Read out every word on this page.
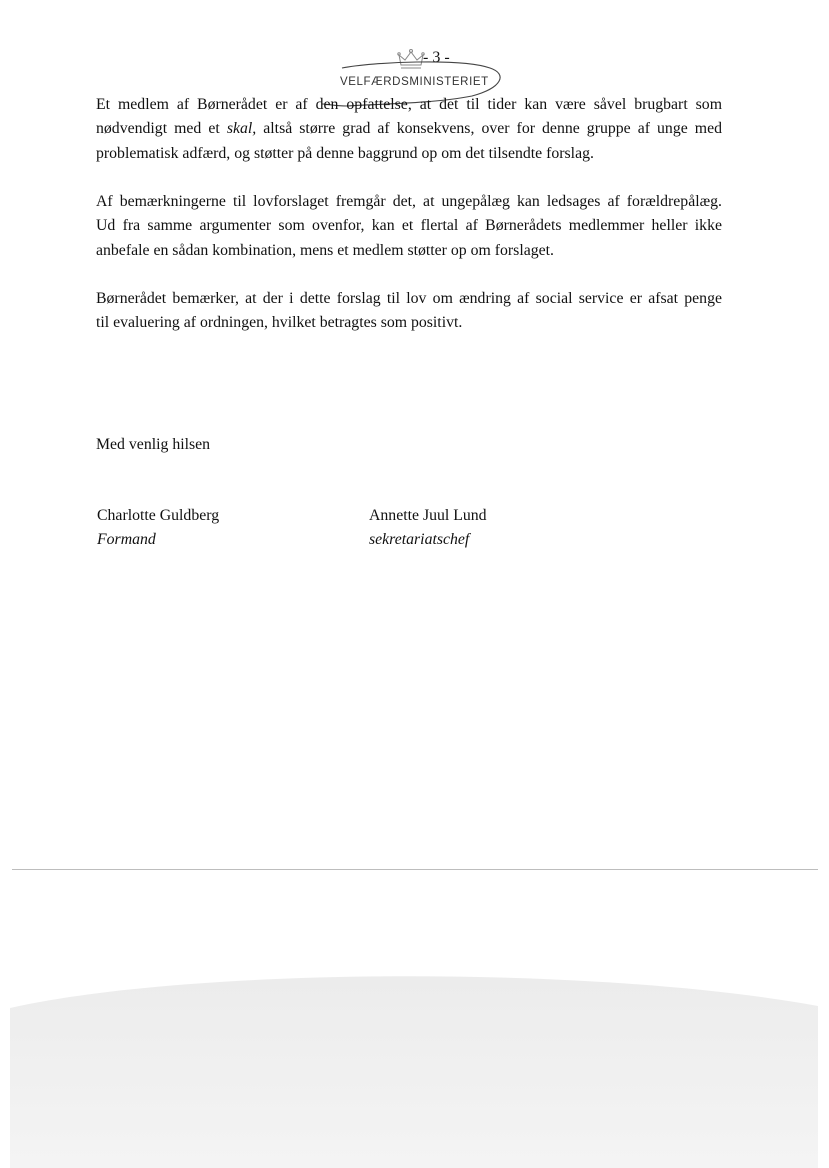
- 3 -
VELFÆRDSMINISTERIET

Et medlem af Børnerådet er af den opfattelse, at det til tider kan være såvel brugbart som
nødvendigt med et skal, altså større grad af konsekvens, over for denne gruppe af unge med
problematisk adfærd, og støtter på denne baggrund op om det tilsendte forslag.

Af bemærkningerne til lovforslaget fremgår det, at ungepålæg kan ledsages af forældrepålæg.
Ud fra samme argumenter som ovenfor, kan et flertal af Børnerådets medlemmer heller ikke
anbefale en sådan kombination, mens et medlem støtter op om forslaget.

Børnerådet bemærker, at der i dette forslag til lov om ændring af social service er afsat penge
til evaluering af ordningen, hvilket betragtes som positivt.

Med venlig hilsen
Charlotte Guldberg
Formand
Annette Juul Lund
sekretariatschef
